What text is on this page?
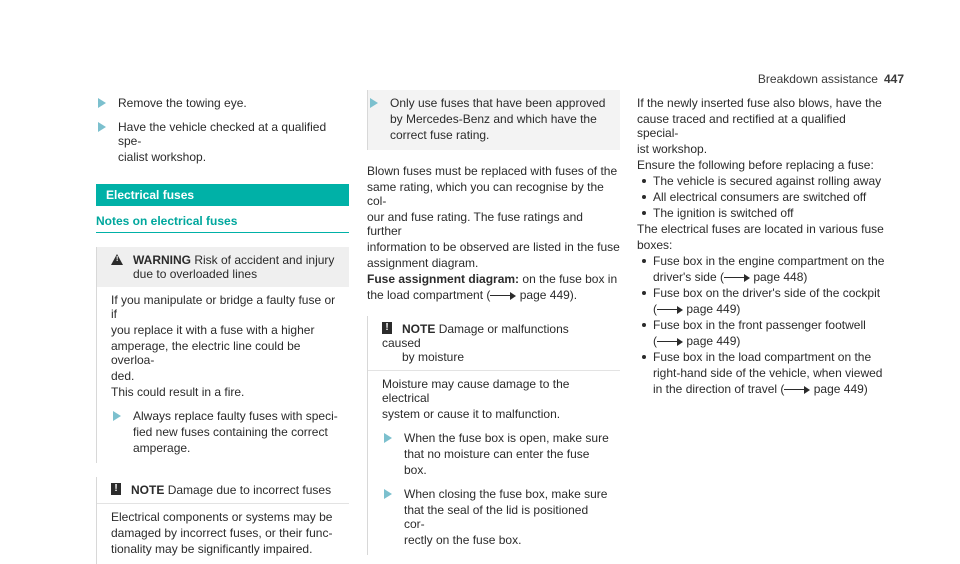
Breakdown assistance 447
Remove the towing eye.

Have the vehicle checked at a qualified spe-

cialist workshop.

Electrical fuses
Notes on electrical fuses
! WARNING Risk of accident and injury
due to overloaded lines

If you manipulate or bridge a faulty fuse or if

you replace it with a fuse with a higher

amperage, the electric line could be overloa-

ded.

This could result in a fire.

Always replace faulty fuses with speci-

fied new fuses containing the correct

amperage.

! NOTE Damage due to incorrect fuses

Electrical components or systems may be

damaged by incorrect fuses, or their func-

tionality may be significantly impaired.

Only use fuses that have been approved

by Mercedes-Benz and which have the

correct fuse rating.

Blown fuses must be replaced with fuses of the

same rating, which you can recognise by the col-

our and fuse rating. The fuse ratings and further

information to be observed are listed in the fuse

assignment diagram.

Fuse assignment diagram: on the fuse box in

the load compartment ( page 449).

! NOTE Damage or malfunctions caused
by moisture

Moisture may cause damage to the electrical

system or cause it to malfunction.

When the fuse box is open, make sure

that no moisture can enter the fuse

box.

When closing the fuse box, make sure

that the seal of the lid is positioned cor-

rectly on the fuse box.

If the newly inserted fuse also blows, have the

cause traced and rectified at a qualified special-

ist workshop.

Ensure the following before replacing a fuse:

The vehicle is secured against rolling away
All electrical consumers are switched off
The ignition is switched off

The electrical fuses are located in various fuse

boxes:

Fuse box in the engine compartment on the

driver's side ( page 448)

Fuse box on the driver's side of the cockpit

( page 449)

Fuse box in the front passenger footwell

( page 449)

Fuse box in the load compartment on the

right-hand side of the vehicle, when viewed

in the direction of travel ( page 449)
